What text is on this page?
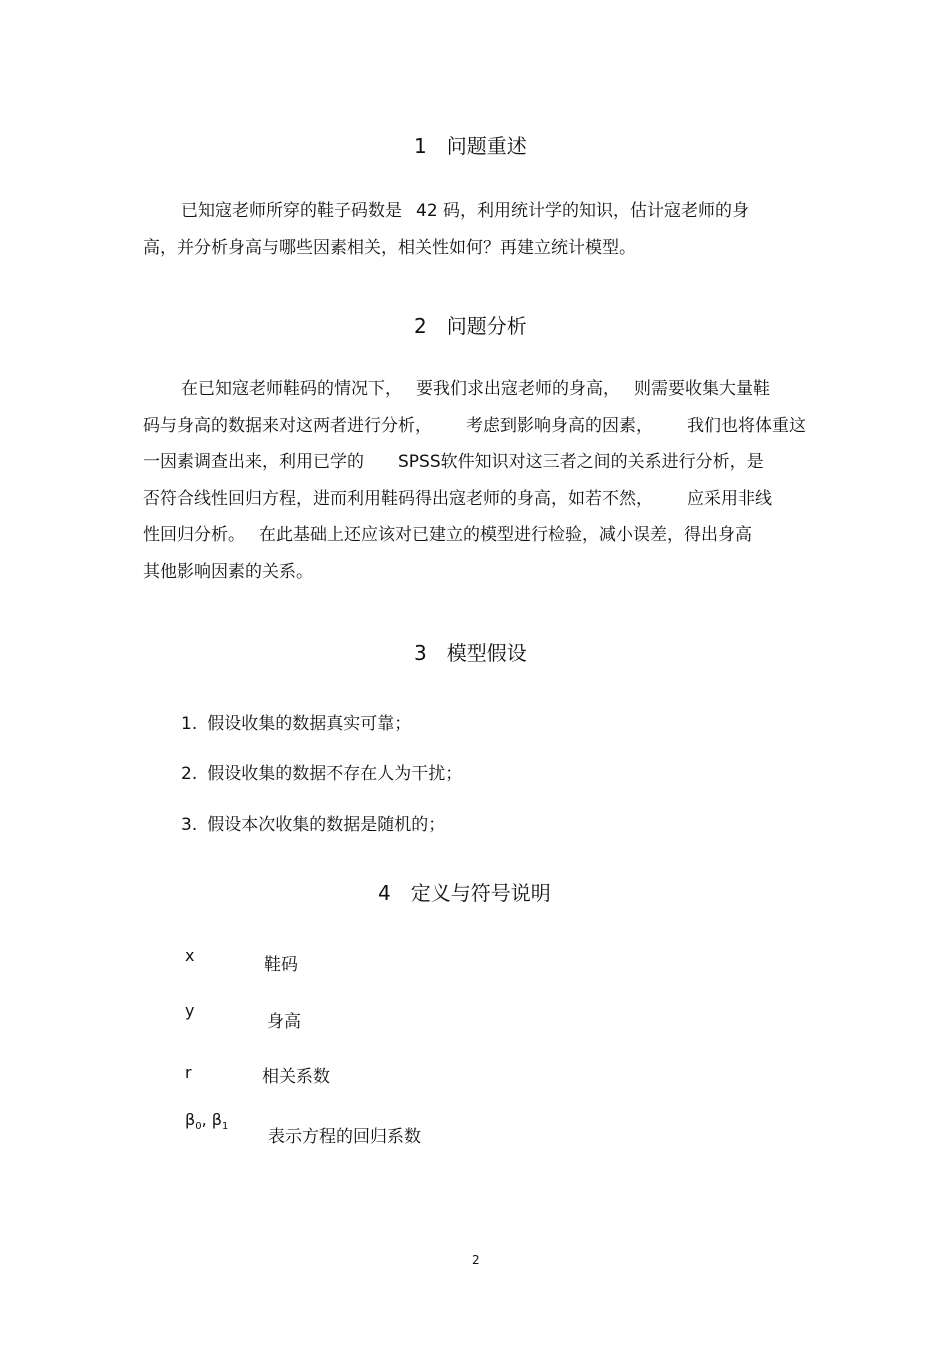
1 问题重述
已知寇老师所穿的鞋子码数是 42 码，利用统计学的知识，估计寇老师的身
高，并分析身高与哪些因素相关，相关性如何？再建立统计模型。
2 问题分析
在已知寇老师鞋码的情况下， 要我们求出寇老师的身高， 则需要收集大量鞋
码与身高的数据来对这两者进行分析， 考虑到影响身高的因素， 我们也将体重这
一因素调查出来，利用已学的 SPSS软件知识对这三者之间的关系进行分析，是
否符合线性回归方程，进而利用鞋码得出寇老师的身高，如若不然， 应采用非线
性回归分析。 在此基础上还应该对已建立的模型进行检验，减小误差，得出身高
其他影响因素的关系。
3 模型假设
1. 假设收集的数据真实可靠；
2. 假设收集的数据不存在人为干扰；
3. 假设本次收集的数据是随机的；
4 定义与符号说明
x	鞋码
y
身高
r	相关系数
$\beta_0$, $\beta_1$
表示方程的回归系数
2
